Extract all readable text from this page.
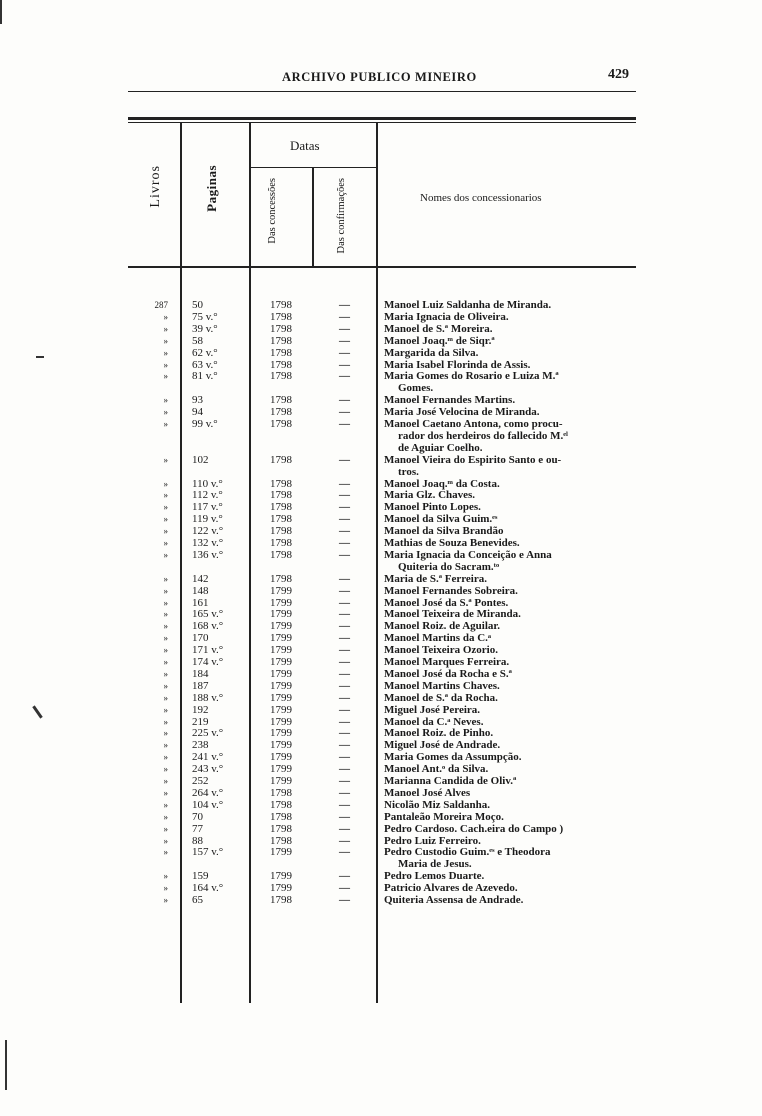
ARCHIVO PUBLICO MINEIRO	429
Livros	Paginas
Datas
Das concessões	Das confirmações	Nomes dos concessionarios
287 50	1798	—	Manoel Luiz Saldanha de Miranda.
» 75 v.°	1798	—	Maria Ignacia de Oliveira.
» 39 v.°	1798	—	Manoel de S.ª Moreira.
» 58	1798	—	Manoel Joaq.ᵐ de Siqr.ª
» 62 v.°	1798	—	Margarida da Silva.
» 63 v.°	1798	—	Maria Isabel Florinda de Assis.
» 81 v.°	1798	—	Maria Gomes do Rosario e Luiza M.ª
Gomes.
» 93	1798	—	Manoel Fernandes Martins.
» 94	1798	—	Maria José Velocina de Miranda.
» 99 v.°	1798	—	Manoel Caetano Antona, como procu-
rador dos herdeiros do fallecido M.ᵉˡ
de Aguiar Coelho.
» 102	1798	—	Manoel Vieira do Espirito Santo e ou-
tros.
» 110 v.°	1798	—	Manoel Joaq.ᵐ da Costa.
» 112 v.°	1798	—	Maria Glz. Chaves.
» 117 v.°	1798	—	Manoel Pinto Lopes.
» 119 v.°	1798	—	Manoel da Silva Guim.ᵉˢ
» 122 v.°	1798	—	Manoel da Silva Brandão
» 132 v.°	1798	—	Mathias de Souza Benevides.
» 136 v.°	1798	—	Maria Ignacia da Conceição e Anna
Quiteria do Sacram.ᵗᵒ
» 142	1798	—	Maria de S.ª Ferreira.
» 148	1799	—	Manoel Fernandes Sobreira.
» 161	1799	—	Manoel José da S.ª Pontes.
» 165 v.°	1799	—	Manoel Teixeira de Miranda.
» 168 v.°	1799	—	Manoel Roiz. de Aguilar.
» 170	1799	—	Manoel Martins da C.ᵃ
» 171 v.°	1799	—	Manoel Teixeira Ozorio.
» 174 v.°	1799	—	Manoel Marques Ferreira.
» 184	1799	—	Manoel José da Rocha e S.ª
» 187	1799	—	Manoel Martins Chaves.
» 188 v.°	1799	—	Manoel de S.ª da Rocha.
» 192	1799	—	Miguel José Pereira.
» 219	1799	—	Manoel da C.ᵃ Neves.
» 225 v.°	1799	—	Manoel Roiz. de Pinho.
» 238	1799	—	Miguel José de Andrade.
» 241 v.°	1799	—	Maria Gomes da Assumpção.
» 243 v.°	1799	—	Manoel Ant.ᵒ da Silva.
» 252	1799	—	Marianna Candida de Oliv.ª
» 264 v.°	1798	—	Manoel José Alves
» 104 v.°	1798	—	Nicolão Miz Saldanha.
» 70	1798	—	Pantaleão Moreira Moço.
» 77	1798	—	Pedro Cardoso. Cach.eira do Campo )
» 88	1798	—	Pedro Luiz Ferreiro.
» 157 v.°	1799	—	Pedro Custodio Guim.ᵉˢ e Theodora
Maria de Jesus.
» 159	1799	—	Pedro Lemos Duarte.
» 164 v.°	1799	—	Patricio Alvares de Azevedo.
» 65	1798	—	Quiteria Assensa de Andrade.
